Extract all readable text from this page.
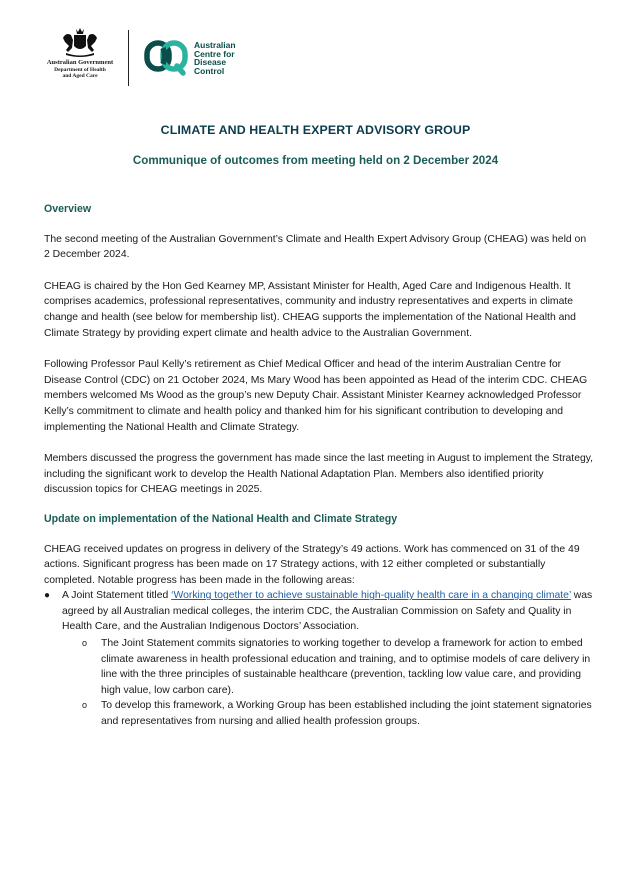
Australian Government
Department of Health
and Aged Care
Australian
Centre for
Disease
Control
CLIMATE AND HEALTH EXPERT ADVISORY GROUP
Communique of outcomes from meeting held on 2 December 2024
Overview
The second meeting of the Australian Government’s Climate and Health Expert Advisory Group (CHEAG) was held on 2 December 2024.
CHEAG is chaired by the Hon Ged Kearney MP, Assistant Minister for Health, Aged Care and Indigenous Health. It comprises academics, professional representatives, community and industry representatives and experts in climate change and health (see below for membership list). CHEAG supports the implementation of the National Health and Climate Strategy by providing expert climate and health advice to the Australian Government.
Following Professor Paul Kelly’s retirement as Chief Medical Officer and head of the interim Australian Centre for Disease Control (CDC) on 21 October 2024, Ms Mary Wood has been appointed as Head of the interim CDC. CHEAG members welcomed Ms Wood as the group’s new Deputy Chair. Assistant Minister Kearney acknowledged Professor Kelly’s commitment to climate and health policy and thanked him for his significant contribution to developing and implementing the National Health and Climate Strategy.
Members discussed the progress the government has made since the last meeting in August to implement the Strategy, including the significant work to develop the Health National Adaptation Plan. Members also identified priority discussion topics for CHEAG meetings in 2025.
Update on implementation of the National Health and Climate Strategy
CHEAG received updates on progress in delivery of the Strategy’s 49 actions. Work has commenced on 31 of the 49 actions. Significant progress has been made on 17 Strategy actions, with 12 either completed or substantially completed. Notable progress has been made in the following areas:
● A Joint Statement titled ‘Working together to achieve sustainable high-quality health care in a changing climate’ was agreed by all Australian medical colleges, the interim CDC, the Australian Commission on Safety and Quality in Health Care, and the Australian Indigenous Doctors’ Association.
o The Joint Statement commits signatories to working together to develop a framework for action to embed climate awareness in health professional education and training, and to optimise models of care delivery in line with the three principles of sustainable healthcare (prevention, tackling low value care, and providing high value, low carbon care).
o To develop this framework, a Working Group has been established including the joint statement signatories and representatives from nursing and allied health profession groups.
